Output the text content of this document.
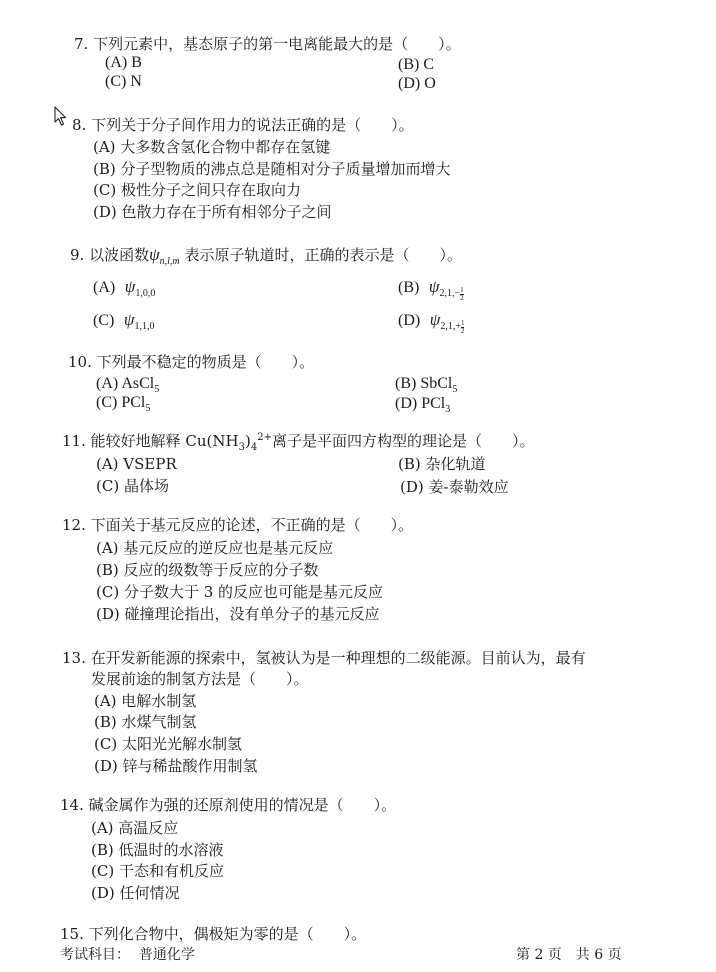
7. 下列元素中，基态原子的第一电离能最大的是（　　）。
(A) B	(B) C
(C) N	(D) O
8. 下列关于分子间作用力的说法正确的是（　　）。
(A) 大多数含氢化合物中都存在氢键
(B) 分子型物质的沸点总是随相对分子质量增加而增大
(C) 极性分子之间只存在取向力
(D) 色散力存在于所有相邻分子之间
9. 以波函数$\psi_{n,l,m}$ 表示原子轨道时，正确的表示是（　　）。
(A) $\psi_{1,0,0}$	(B) $\psi_{2,1,- \frac{1}{2}}$
(C) $\psi_{1,1,0}$	(D) $\psi_{2,1,+ \frac{1}{2}}$
10. 下列最不稳定的物质是（　　）。
(A) AsCl$_5$	(B) SbCl$_5$
(C) PCl$_5$	(D) PCl$_3$
11. 能较好地解释 $Cu(NH_3)_4^{2+}$离子是平面四方构型的理论是（　　）。
(A) VSEPR	(B) 杂化轨道
(C) 晶体场	(D) 姜-泰勒效应
12. 下面关于基元反应的论述，不正确的是（　　）。
(A) 基元反应的逆反应也是基元反应
(B) 反应的级数等于反应的分子数
(C) 分子数大于 3 的反应也可能是基元反应
(D) 碰撞理论指出，没有单分子的基元反应
13. 在开发新能源的探索中，氢被认为是一种理想的二级能源。目前认为，最有
发展前途的制氢方法是（　　）。
(A) 电解水制氢
(B) 水煤气制氢
(C) 太阳光光解水制氢
(D) 锌与稀盐酸作用制氢
14. 碱金属作为强的还原剂使用的情况是（　　）。
(A) 高温反应
(B) 低温时的水溶液
(C) 干态和有机反应
(D) 任何情况
15. 下列化合物中，偶极矩为零的是（　　）。
考试科目： 普通化学	第 2 页　共 6 页
